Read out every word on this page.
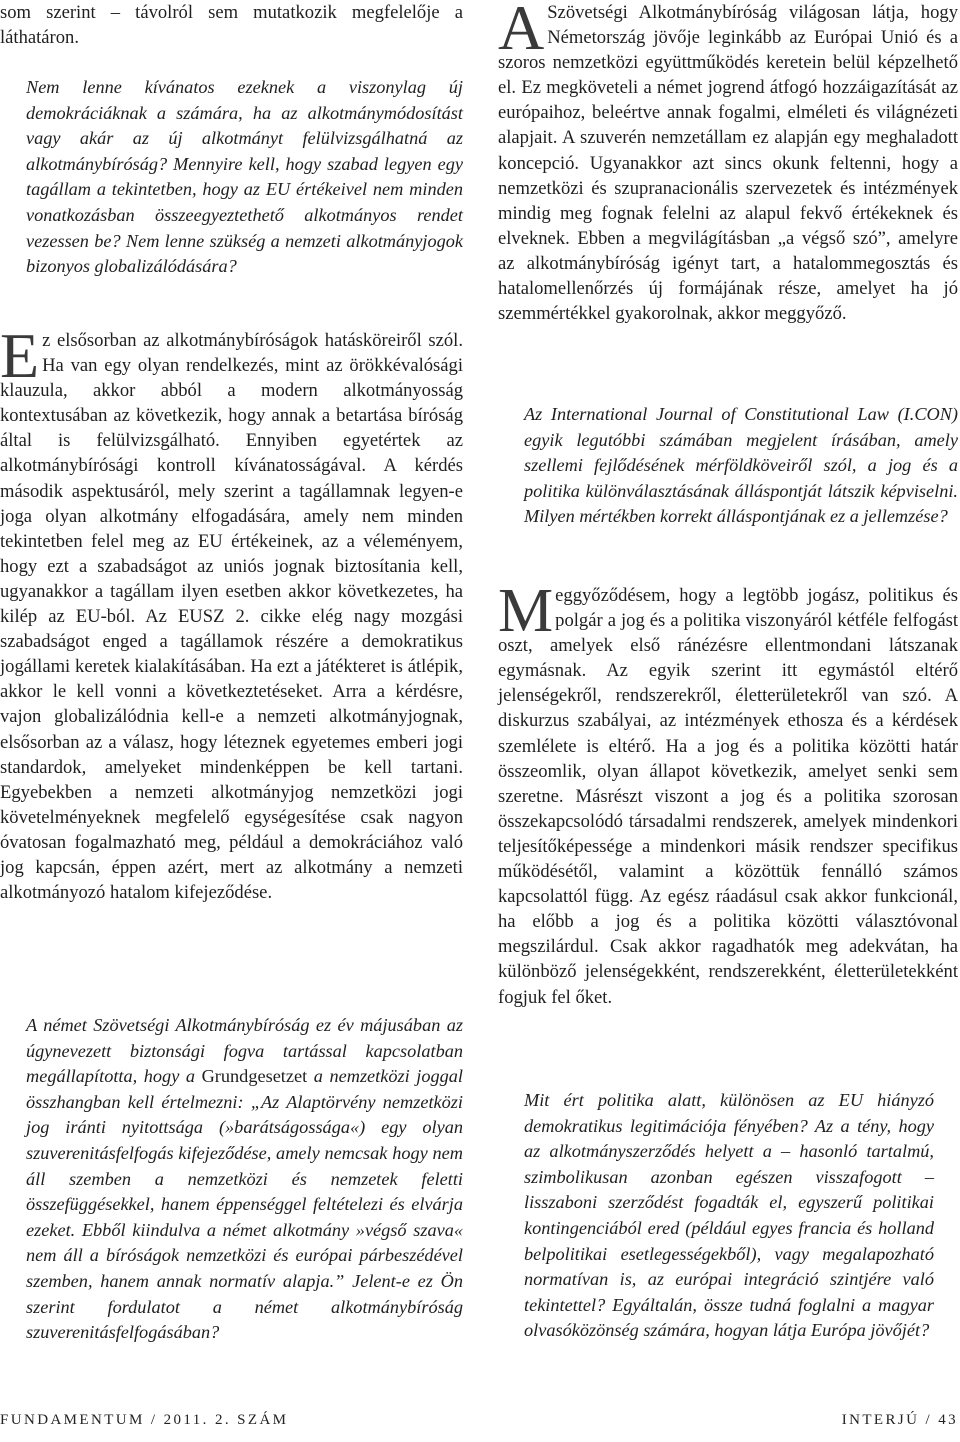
som szerint – távolról sem mutatkozik megfelelője a láthatáron.

Nem lenne kívánatos ezeknek a viszonylag új demokráciáknak a számára, ha az alkotmánymódosítást vagy akár az új alkotmányt felülvizsgálhatná az alkotmánybíróság? Mennyire kell, hogy szabad legyen egy tagállam a tekintetben, hogy az EU értékeivel nem minden vonatkozásban összeegyeztethető alkotmányos rendet vezessen be? Nem lenne szükség a nemzeti alkotmányjogok bizonyos globalizálódására?

Ez elsősorban az alkotmánybíróságok hatásköreiről szól. Ha van egy olyan rendelkezés, mint az örökkévalósági klauzula, akkor abból a modern alkotmányosság kontextusában az következik, hogy annak a betartása bíróság által is felülvizsgálható. Ennyiben egyetértek az alkotmánybírósági kontroll kívánatosságával. A kérdés második aspektusáról, mely szerint a tagállamnak legyen-e joga olyan alkotmány elfogadására, amely nem minden tekintetben felel meg az EU értékeinek, az a véleményem, hogy ezt a szabadságot az uniós jognak biztosítania kell, ugyanakkor a tagállam ilyen esetben akkor következetes, ha kilép az EU-ból. Az EUSZ 2. cikke elég nagy mozgási szabadságot enged a tagállamok részére a demokratikus jogállami keretek kialakításában. Ha ezt a játékteret is átlépik, akkor le kell vonni a következtetéseket. Arra a kérdésre, vajon globalizálódnia kell-e a nemzeti alkotmányjognak, elsősorban az a válasz, hogy léteznek egyetemes emberi jogi standardok, amelyeket mindenképpen be kell tartani. Egyebekben a nemzeti alkotmányjog nemzetközi jogi követelményeknek megfelelő egységesítése csak nagyon óvatosan fogalmazható meg, például a demokráciához való jog kapcsán, éppen azért, mert az alkotmány a nemzeti alkotmányozó hatalom kifejeződése.

A német Szövetségi Alkotmánybíróság ez év májusában az úgynevezett biztonsági fogva tartással kapcsolatban megállapította, hogy a Grundgesetzet a nemzetközi joggal összhangban kell értelmezni: „Az Alaptörvény nemzetközi jog iránti nyitottsága (»barátságossága«) egy olyan szuverenitásfelfogás kifejeződése, amely nemcsak hogy nem áll szemben a nemzetközi és nemzetek feletti összefüggésekkel, hanem éppenséggel feltételezi és elvárja ezeket. Ebből kiindulva a német alkotmány »végső szava« nem áll a bíróságok nemzetközi és európai párbeszédével szemben, hanem annak normatív alapja.” Jelent-e ez Ön szerint fordulatot a német alkotmánybíróság szuverenitásfelfogásában?

A Szövetségi Alkotmánybíróság világosan látja, hogy Németország jövője leginkább az Európai Unió és a szoros nemzetközi együttműködés keretein belül képzelhető el. Ez megköveteli a német jogrend átfogó hozzáigazítását az európaihoz, beleértve annak fogalmi, elméleti és világnézeti alapjait. A szuverén nemzetállam ez alapján egy meghaladott koncepció. Ugyanakkor azt sincs okunk feltenni, hogy a nemzetközi és szupranacionális szervezetek és intézmények mindig meg fognak felelni az alapul fekvő értékeknek és elveknek. Ebben a megvilágításban „a végső szó”, amelyre az alkotmánybíróság igényt tart, a hatalommegosztás és hatalomellenőrzés új formájának része, amelyet ha jó szemmértékkel gyakorolnak, akkor meggyőző.

Az International Journal of Constitutional Law (I.CON) egyik legutóbbi számában megjelent írásában, amely szellemi fejlődésének mérföldköveiről szól, a jog és a politika különválasztásának álláspontját látszik képviselni. Milyen mértékben korrekt álláspontjának ez a jellemzése?

Meggyőződésem, hogy a legtöbb jogász, politikus és polgár a jog és a politika viszonyáról kétféle felfogást oszt, amelyek első ránézésre ellentmondani látszanak egymásnak. Az egyik szerint itt egymástól eltérő jelenségekről, rendszerekről, életterületekről van szó. A diskurzus szabályai, az intézmények ethosza és a kérdések szemlélete is eltérő. Ha a jog és a politika közötti határ összeomlik, olyan állapot következik, amelyet senki sem szeretne. Másrészt viszont a jog és a politika szorosan összekapcsolódó társadalmi rendszerek, amelyek mindenkori teljesítőképessége a mindenkori másik rendszer specifikus működésétől, valamint a közöttük fennálló számos kapcsolattól függ. Az egész ráadásul csak akkor funkcionál, ha előbb a jog és a politika közötti választóvonal megszilárdul. Csak akkor ragadhatók meg adekvátan, ha különböző jelenségekként, rendszerekként, életterületekként fogjuk fel őket.

Mit ért politika alatt, különösen az EU hiányzó demokratikus legitimációja fényében? Az a tény, hogy az alkotmányszerződés helyett a – hasonló tartalmú, szimbolikusan azonban egészen visszafogott – lisszaboni szerződést fogadták el, egyszerű politikai kontingenciából ered (például egyes francia és holland belpolitikai esetlegességekből), vagy megalapozható normatívan is, az európai integráció szintjére való tekintettel? Egyáltalán, össze tudná foglalni a magyar olvasóközönség számára, hogyan látja Európa jövőjét?

FUNDAMENTUM / 2011. 2. SZÁM	INTERJÚ / 43
